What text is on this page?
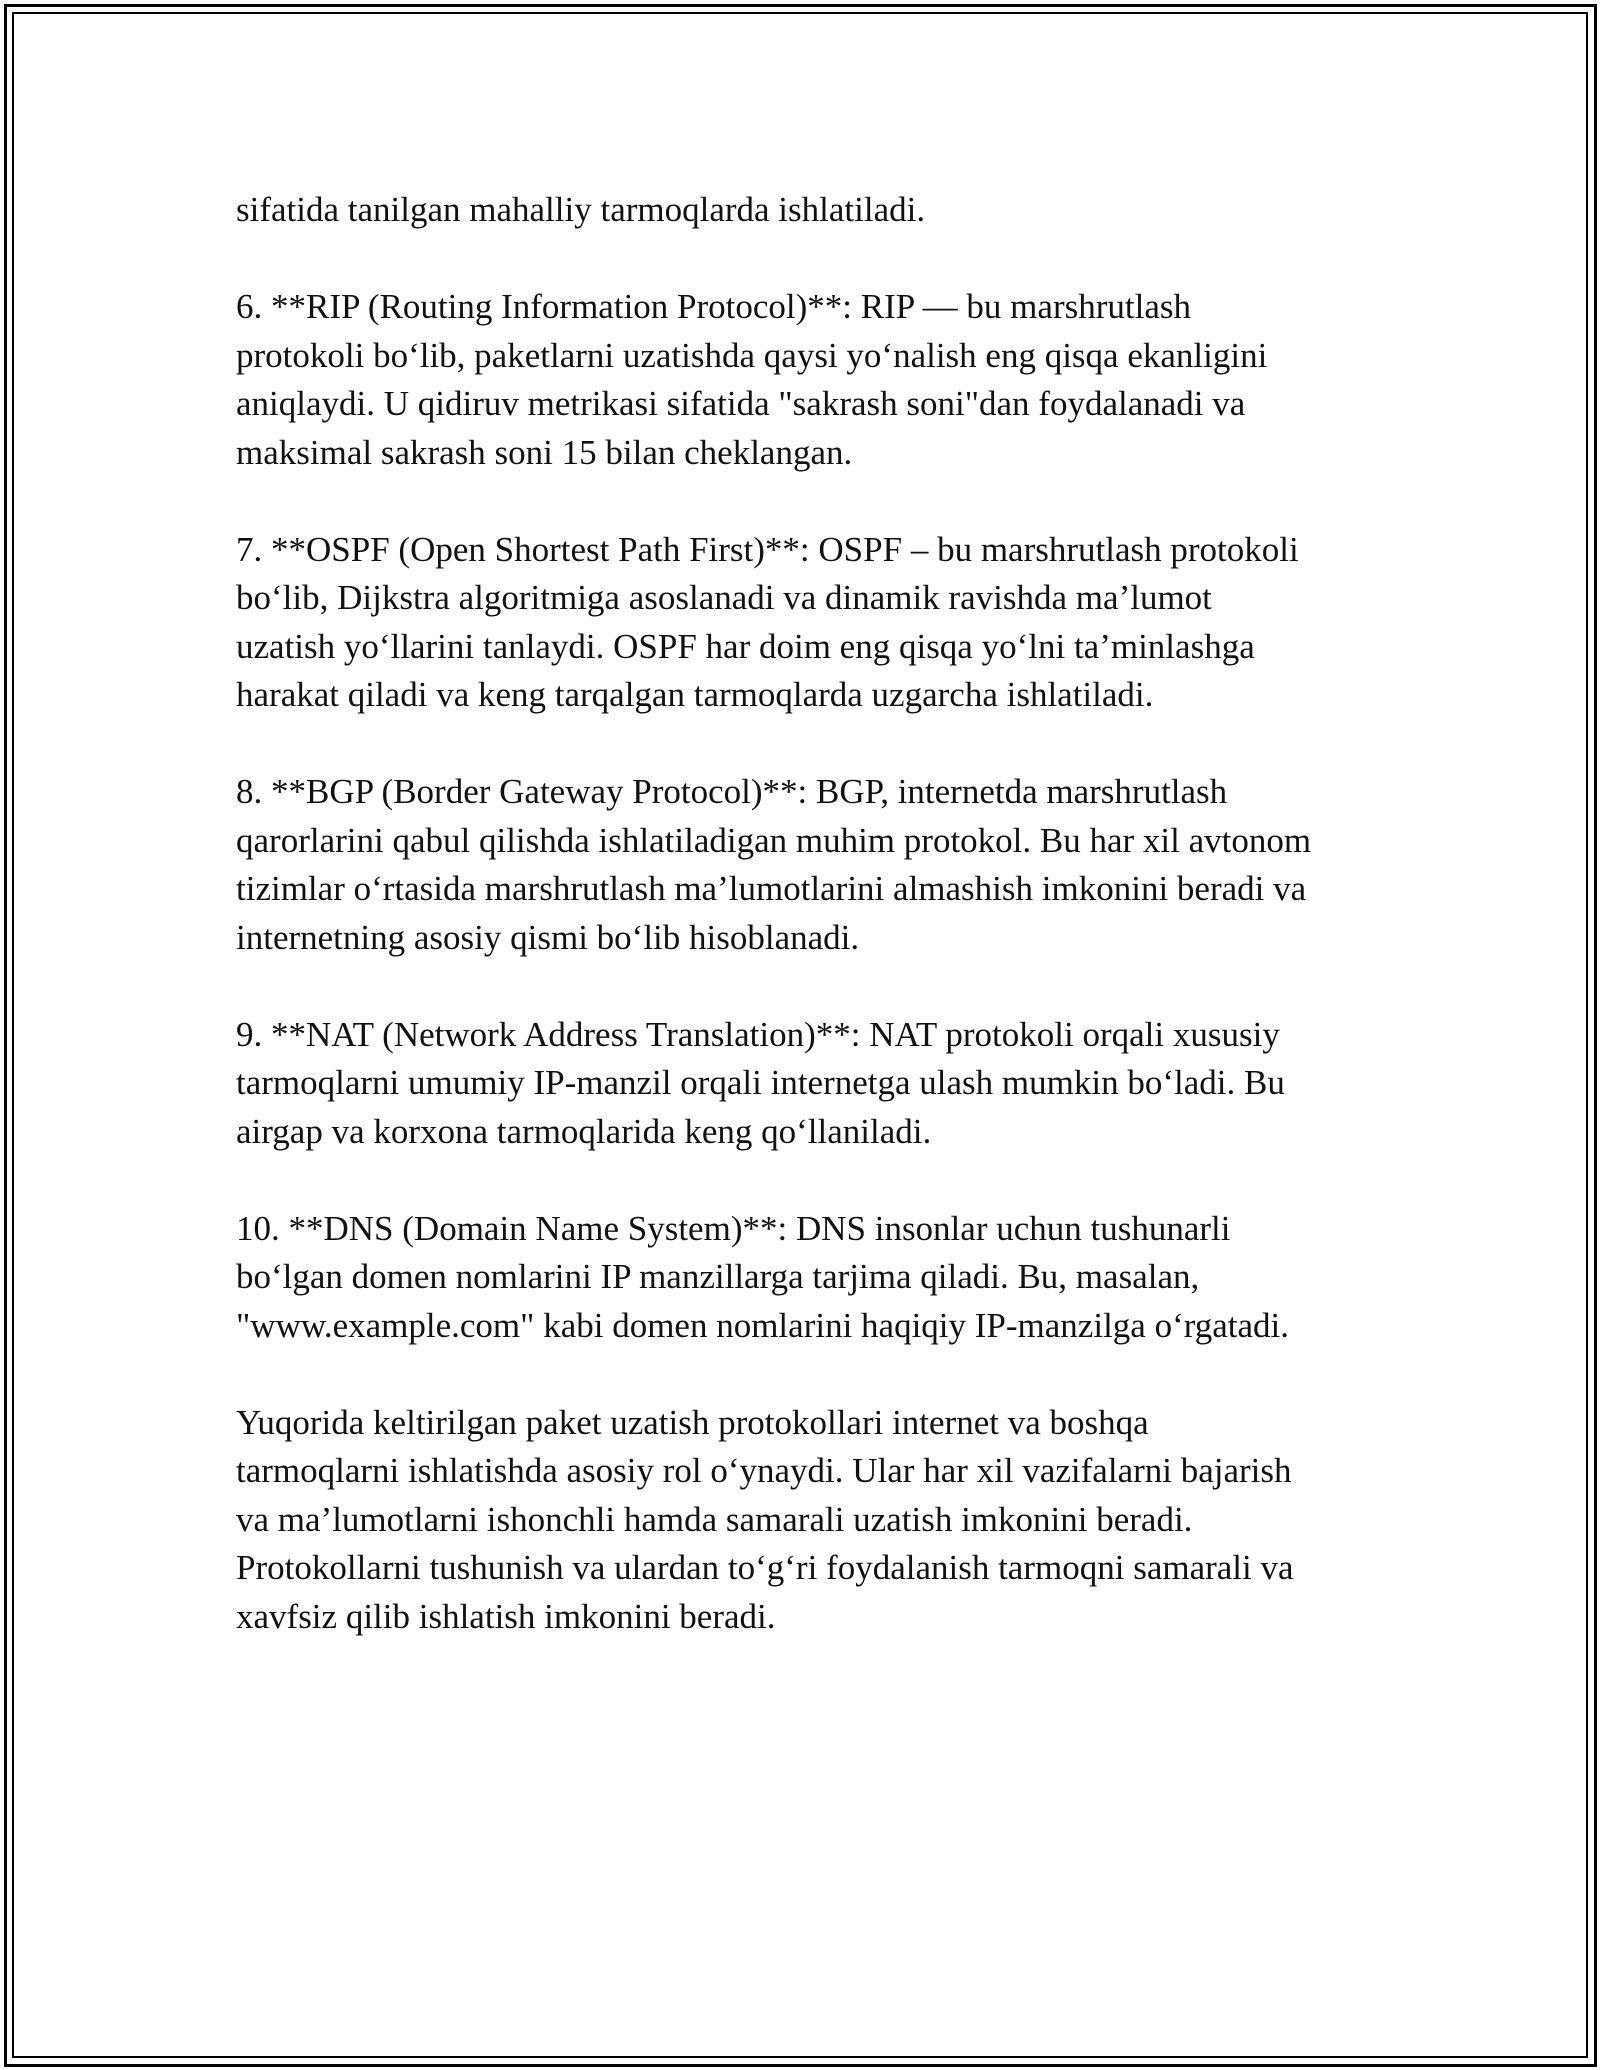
sifatida tanilgan mahalliy tarmoqlarda ishlatiladi.

6. **RIP (Routing Information Protocol)**: RIP — bu marshrutlash
protokoli bo‘lib, paketlarni uzatishda qaysi yo‘nalish eng qisqa ekanligini
aniqlaydi. U qidiruv metrikasi sifatida "sakrash soni"dan foydalanadi va
maksimal sakrash soni 15 bilan cheklangan.

7. **OSPF (Open Shortest Path First)**: OSPF – bu marshrutlash protokoli
bo‘lib, Dijkstra algoritmiga asoslanadi va dinamik ravishda ma’lumot
uzatish yo‘llarini tanlaydi. OSPF har doim eng qisqa yo‘lni ta’minlashga
harakat qiladi va keng tarqalgan tarmoqlarda uzgarcha ishlatiladi.

8. **BGP (Border Gateway Protocol)**: BGP, internetda marshrutlash
qarorlarini qabul qilishda ishlatiladigan muhim protokol. Bu har xil avtonom
tizimlar o‘rtasida marshrutlash ma’lumotlarini almashish imkonini beradi va
internetning asosiy qismi bo‘lib hisoblanadi.

9. **NAT (Network Address Translation)**: NAT protokoli orqali xususiy
tarmoqlarni umumiy IP-manzil orqali internetga ulash mumkin bo‘ladi. Bu
airgap va korxona tarmoqlarida keng qo‘llaniladi.

10. **DNS (Domain Name System)**: DNS insonlar uchun tushunarli
bo‘lgan domen nomlarini IP manzillarga tarjima qiladi. Bu, masalan,
"www.example.com" kabi domen nomlarini haqiqiy IP-manzilga o‘rgatadi.

Yuqorida keltirilgan paket uzatish protokollari internet va boshqa
tarmoqlarni ishlatishda asosiy rol o‘ynaydi. Ular har xil vazifalarni bajarish
va ma’lumotlarni ishonchli hamda samarali uzatish imkonini beradi.
Protokollarni tushunish va ulardan to‘g‘ri foydalanish tarmoqni samarali va
xavfsiz qilib ishlatish imkonini beradi.
